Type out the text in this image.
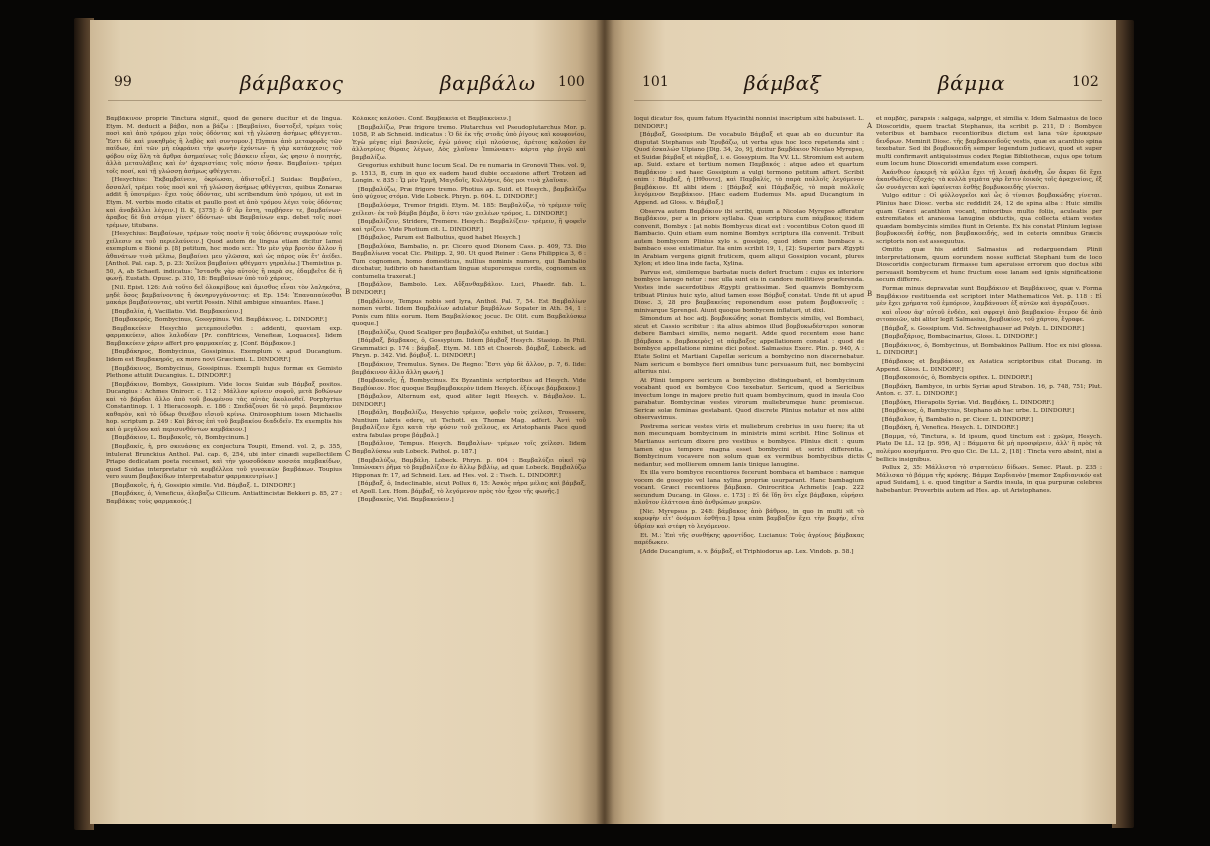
99	βάμβακος	βαμβάλω 100

Βαμβάκινον proprie Tinctura signif., quod de genere ducitur et de lingua. Etym. M. deducit a βάβαι, non a βάζω : [Βαμβαίνει, δυστοξεῖ, τρέμει τοὺς ποσὶ καὶ ἀπὸ τρόμου χέρι τοὺς ὀδόντας καὶ τῇ γλώσσῃ ἀσήμως φθέγγεται. Ἔστι δὲ καὶ μυκηθμὸς ἢ λαβὸς καὶ συντομον.] Elymus ἀπὸ μεταφορᾶς τῶν παίδων, ἐπὶ τῶν μὴ εὐφράνει τὴν φωνὴν ἐχόντων· ἡ γὰρ κατάσχεσις τοῦ φόβου οὐχ ὅλη τὰ ἄρθρα ἀσημαίνως τοῖς βάσκειν εἶναι, ὡς φησιν ὁ ποιητής, ἀλλὰ μεταυλάβεις καὶ ἐν' ἀχαριστίαις τοῖς πόσιν ἦσαν. Βαμβαίνει· τρέμει τοῖς ποσί, καὶ τῇ γλώσσῃ ἀσήμως φθέγγεται.

[Hesychius: Ἐκβαμβαίνειν, ὀκρίωσαι, ἀδιστοξεῖ.] Suidas: Βαμβαίνει, ὄσσαλεῖ, τρέμει τοὺς ποσὶ καὶ τῇ γλώσσῃ ἀσήμως φθέγγεται, quibus Zonaras addit ἢ ὑποτρέμει· ἔχει τοὺς ὀδόντας, ubi scribendum ὑπὸ τρόμου, ut est in Etym. M. verbis modo citatis et paullo post et ἀπὸ τρόμου λέγει τοὺς ὀδόντας καὶ ἀναβάλλει λέγειν.] Il. K, [375]: ὁ δ' ἄρ ἔστη, ταρβήσεν τε, βαμβαίνων· ἀραβος δὲ διὰ στόμα γίνετ' ὀδόντων· ubi Βαμβαίνων exp. debet τοῖς ποσὶ τρέμων, titubans.

[Hesychius: Βαμβαίνων, τρέμων τοὺς ποσὶν ἢ τοὺς ὀδόντας συγκρούων τοῖς χείλεσιν εκ τοῦ περιελαύνειν.] Quod autem de lingua etiam dicitur Iamsi exemplum e Bioné p. [8] petitum, hoc modo scr.: Ἦν μὲν γὰρ βροτὸν ἄλλον ἢ ἀθανάτων τινὰ μέλπω, βαμβαίνει μευ γλῶσσα, καὶ ὡς πάρος οὐκ ἔτ' ἀείδει. [Anthol. Pal. cap. 5, p. 23: Χείλεα βαμβαίνει φθέγματι γηραλέω.] Themistius p. 50, A, ab Schaefl. indicatus: Ἴστασθε γὰρ αὐτοὺς ἢ παρὰ σε, ἐδαμβεῖτε δὲ ἢ φωνῇ. Eustath. Opusc. p. 310, 18: Βαμβαίνων ὑπὸ τοῦ χάρους.

[Nil. Epist. 126: Διὰ τοῦτο δεῖ ὀλοκρίβους καὶ ἄμισθος εἶναι τὸν λαληκότα, μηδὲ ὅσος βαμβαίνοντας ἢ ὀκνηρυγγάνοντας: et Ep. 154: Ἐπαναπαύεσθαι μακάρι βαμβαίνοντας, ubi vertit Possin. Nihil ambigue sinuantes. Hase.]

[Βαμβαλία, ἡ, Vacillatio. Vid. Βαμβακεύειν.]

[Βαμβακερός, Bombycinus, Gossypinus. Vid. Βαμβάκινος. L. DINDORF.]

Βαμβακεύειν Hesychio μετεμποιεῖσθαι : addenti, quoviam exp. φαρμακεύειν, alios λαλοδίαν [Pr. confitrices, Venefieæ, Loquaces]. Iidem Βαμβακεύειν χάριν affert pro φαρμακείας χ. [Conf. Βάμβακον.]

[Βαμβάκηρος, Bombycinus, Gossipinus. Exemplum v. apud Ducangium. Iidem est Βαμβακηρός, ex more novi Græcismi. L. DINDORF.]

[Βαμβάκινος, Bombycinus, Gossipinus. Exempli hujus formæ ex Gemisto Plethone attulit Ducangius. L. DINDORF.]

[Βαμβάκιον, Bombyx, Gossipium. Vide locos Suidæ sub Βάμβαξ positos. Ducangius : Achmes Onirocr. c. 112 : Μάλλον κρίνειν σοφοῦ, μετὰ βοθώνων καὶ τὸ βάρδαι ἄλλο ἀπὸ τοῦ βοωμένου τὰς αὐτὰς ἀκολουθεῖ. Porphyrius Constantinop. l. 1 Hieracosoph. c. 186 : Σπεδάζουσι δὲ τὸ μερό. βαμπάκιον καθαρὸν, καὶ τὸ ὕδωρ θενέβου εἴσιοῦ κρίνω. Onirosophium issen Michaelis hop. scriptum p. 249 : Καὶ βάτος ἐπὶ τοῦ βαμβακίου διαδιδεῖν. Ex exemplis his καὶ ὁ μεγάλου καὶ περισυνθόντων καμβάκιον.]

[Βαμβάκιον, L. Βαμβακοῖς, τὸ, Bombycinum.]

[Βαμβακίς, ἡ, pro σκευάσας ex conjectura Toupii, Emend. vol. 2, p. 355, intulerat Brunckius Anthol. Pal. cap. 6, 254, ubi inter cinædi supellectilem Priapo dedicatam poeta recenset, καὶ τὴν γρυσοδόκαν κοσσέα παμβακίδων, quod Suidas interpretatur τὰ κομβέλλεα τοῦ γυναικῶν βαμβάκων. Toupius vero suum βαμβακίδων interpretabatur φαρμακευτρίων.]

[Βαμβακοῖς, ἡ, ἡ, Gossipio simile. Vid. Βάμβαξ. L. DINDORF.]

[Βαμβάκες, ὁ, Veneficus, ἀλαβαζω Cilicum. Antiattincistæ Bekkeri p. 85, 27 : Βαμβάκας τοὺς φαρμακούς.]

B
C

Κόλακες καλοῦσι. Conf. Βαμβακεία et Βαμβακεύειν.]

[Βαμβαλίζω, Præ frigore tremo. Plutarchus vel Pseudoplutarchus Mor. p. 1058, P. ab Schneid. indicatus : Ὁ δὲ ἐκ τῆς στοᾶς ὑπὸ ῥίγους καὶ κουφονίου, Ἐγὼ μέγας εἰμὶ βασιλεύς, ἐγὼ μόνος εἰμὶ πλούσιος, ἀρέτοις καλούσι ἐν ἀλλοτρίοις θύραις λέγων, Δὸς χλαῖναν Ἰππώνακτι· κάρτα γὰρ ῥιγῶ καὶ βαμβαλίζω.

Gregorius exhibuit hunc locum Scal. De re numaria in Gronovii Thes. vol. 9, p. 1513, B, cum in quo ex eadem haud dubie occasione affert Trotzen ad Longin. v. 835 : ᾯ μὲν Ἑρμῆ, Μαγιδοῖς, Κυλλήνιε, δὸς μοι τινὰ χλαῖναν.

[Βαμβαλύζω, Præ frigore tremo. Photius ap. Suid. et Hesych., βαμβαλίζω ὑπὸ ψύχους στόμα. Vide Lobeck. Phryn. p. 604. L. DINDORF.]

[Βαμβαλύσμα, Tremor frigidi. Etym. M. 185: Βαμβαλύζω, τὸ τρέμειν τοῖς χείλεσι· ἐκ τοῦ βάμβα βάμβα, ὅ ἐστι τῶν χειλέων τρόμος, L. DINDORF.]

[Βαμβαλίζειν, Stridere, Tremere. Hesych.: Βαμβαλίζειν· τρέμειν, ἢ ψοφεῖν καὶ τρίζειν. Vide Photium cit. L. DINDORF.]

[Βάμβαλος, Parum est Balbutius, quod habet Hesych.]

[Βαμβαλύκα, Bambalio, n. pr. Cicero quod Dionem Cass. p. 409, 73. Dio Βαμβαλίωνα vocat Cic. Philipp. 2, 90. Ut quod Reiner : Gens Philippica 3, 6 : Tum cognomen, homo domesticus, nullius nominis numero, qui Bambalio dicebatur, ludibrio ob hæsitantiam linguæ stuporemque cordis, cognomen ex contumelia traxerat.]

[Βαμβάλον, Bambolo. Lex. Αὔξανθαμβάλον. Luci, Phaedr. fab. L. DINDORF.]

[Βαμβάλιον, Tempus nobis sed lyra, Anthol. Pal. 7, 54. Est Βαμβαλίων nomen verbi. Iidem Βαμβαλίων adulatur βαμβάλων Sopater in Ath. 54, 1 : Ponis cum filiis eorum. Item Βαμβαλίσκος jocuc. Dc Olit. cum Βαμβαλύσκω quoque.]

[Βαμβαλύζω, Quod Scaliger pro βαμβαλύζω exhibet, ut Suidæ.]

[Βάμβαξ, βάμβακος, ὁ, Gossypium. Iidem βάμβαξ Hesych. Stasiop. In Phil. Grammatici p. 174 : βάμβαξ. Etym. M. 185 et Choerob. βάμβαξ, Lobeck. ad Phryn. p. 342. Vid. βόμβυξ. L. DINDORF.]

[Βαμβάκιον, Tremulus. Synes. De Regno: Ἔστι γὰρ δὲ ἄλλον, p. 7, 6. Iide: βαμβάκινον ἄλλο ἄλλη φωνή.]

[Βαμβακοεῖς, ᾗ, Bombycinus. Ex Byzantinis scriptoribus ad Hesych. Vide Βαμβύκιον. Hoc quoque Βαμβαμβακερὸν iidem Hesych. ἐξέκυψε βάμβακον.]

[Βάμβαλον, Alternum est, quod aliter legit Hesych. v. Βάμβαλον. L. DINDORF.]

[Βαμβάλη, Βαμβαλίζω, Hesychio τρέμειν, φοβεῖν τοὺς χείλεσι, Trossere, Nuntium labris edere, ut Tschott. ex Thomæ Mag. adfert. Ἀντὶ τοῦ βαμβαλίζειν ἔχει κατὰ τὴν φύσιν τοῦ χείλους, ex Aristophanis Pace quod extra fabulas prope βάμβαλ.]

[Βαμβάλιον, Tempus. Hesych. Βαμβαλίων· τρέμων τοῖς χείλεσι. Iidem Βαμβαλύσκω sub Lobeck. Pathol. p. 187.]

[Βαμβαλύζω, Βαμβάλη. Lobeck. Phryn. p. 604 : Βαμβαλύζει οἰκεῖ τῷ Ἱππώνακτι ῥῆμα τὸ βαμβαλίζειν ἐν ἄλλῳ βιβλίῳ, ad quæ Lobeck. Βαμβαλύζω Hipponax fr. 17, ad Schneid. Lex. ad Hes. vol. 2 : Tisch. L. DINDORF.]

[Βάμβαξ, ὁ, Indeclinable, sicut Pollux 6, 15: Ἀσκὸς πὴρα μέλας καὶ βάμβαξ, et Apoll. Lex. Hom. βάμβαξ, τὸ λεγόμενον πρὸς τὸν ἦχον τῆς φωνῆς.]

[Βαμβακεὺς, Vid. Βαμβακεύειν.]

101	βάμβαξ	βάμμα	102

loqui dicatur fos, quum fatum Hyacinthi nonnisi inscriptum sibi habuisset. L. DINDORF.]

[Βάμβαξ, Gossipium. De vocabulo Βάμβαξ et quæ ab eo ducuntur ita disputat Stephanus sub Ἐρυβάζω, ut verba ejus hoc loco repetenda sint : Quod ἐσκαλώσ Ulpiano [Dig. 34, 2o, 9], dicitur βαμβάκιον Nicolao Myrepso, et Suidæ βάμβαξ et πάμβαξ, i. e. Gossypium. Ita VV. LL. Stromium est autem ap. Suid. extare et tertium nomen Παμβακός : atque adeo et quartum Βαμβάκιον : sed haec Gossipium a vulgi termono petitum affert. Scribit enim : Βάμβαξ, ἡ [Ηθουτε], καὶ Παμβαλίς, τὸ παρὰ πολλοῖς λεγόμενον βαμβάκιον. Et alibi idem : [Βάμβαξ καὶ Πάμβαξός, τὸ παρὰ πολλοῖς λεγόμενον Βαμβάκιον. [Hæc eadem Eudemus Ms. apud Ducangium in Append. ad Gloss. v. Βάμβαξ.]

Observa autem Βαμβάκιον ibi scribi, quum a Nicolao Myrepso afferatur Βαμβάκιον, per a in priore syllaba. Quæ scriptura cum πάμβακος itidem convenit, Bombyx : [at nobis Bombycus dicat est : vocentibus Coton quod ill Bambacio. Quin etiam eum nomine Bombyx scriptura illa convenit. Tribuit autem bombycem Plinius xylo s. gossipio, quod idem cum bombace s. bambaco esse existimatur. Ita enim scribit 19, 1, [2]: Superior pars Ægypti in Arabiam vergens gignit fruticem, quem aliqui Gossipion vocant, plures Xylon; et ideo lina inde facta, Xylina.

Parvus est, similemque barbatæ nucis defert fructum : cujus ex interiore bombyce lanugo netur : nec ulla sunt eis in candore mollitieve præferenda. Vestes inde sacerdotibus Ægypti gratissimæ. Sed quamvis Bombycem tribuat Plinius huic xylo, aliud tamen esse Βόμβυξ constat. Unde fit ut apud Diosc. 3, 28 pro βαμβακείας reponendum esse putem βομβυκινοῖς : minivarque Sprengel. Aiunt quoque bombycem inflaturi, ut dixi.

Simondum at hoc adj. βομβυκώδης sonat Bombycis similis, vel Bombaci, sicut et Cassio scribitur : ita alius abimos illud βομβυκωδέστεροι sonoræ debere Bambaci similis, nemo negarit. Adde quod recentem esse hanc [βάμβακα s. βαμβακερὸς] et πάμβαξος appellationem constat : quod de bombyce appellatione nimine dici potest. Salmasius Exerc. Plin. p. 940, A : Etate Solini et Martiani Capellæ sericum a bombycino non discernebatur. Nam sericum e bombyce fieri omnibus tunc persuasum fuit, nec bombycini alterius nisi.

At Plinii tempore sericum a bombycino distinguebant, et bombycinum vocabant quod ex bombyce Coo texebatur. Sericum, quod a Sericibus invectum longe in majore pretio fuit quam bombycinum, quod in insula Coo parabatur. Bombycinæ vestes virorum muliebrumque hunc promiscue. Sericæ solæ feminas gestabant. Quod discrete Plinius notatur et nos alibi observavimus.

Postrema sericæ vestes viris et muliebrum crebrius in usu fuere; ita ut non mecunquam bombycinum in ministris mimi scribit. Hinc Solinus et Martianus sericum dixere pro vestibus e bombyce. Plinius dicit : quum tamen ejus tempore magna esset bombycini et serici differentia. Bombycinum vocavere non solum quæ ex vermibus bombycibus dictis nedantur, sed mollierem omnem lanis tinique lanugine.

Ex illa vero bombyce recentiores fecerunt bombaca et bambace : namque vocem de gossypio vel lana xylina propriæ usurparant. Hanc bambagium vocant. Græci recentiores βάμβακα. Onirocritica Achmetis [cap. 222 secundum Ducang. in Gloss. c. 173] : Εἰ δὲ ἴδῃ ὅτι εἶχε βάμβακα, εὑρήσει πλοῦτον ἐλάττονα ἀπὸ ἀνθρώπων μικρῶν.

[Nic. Myrepsus p. 248: βάμβακος ἀπὸ βάθρου, in quo in multi sit τὸ κορυφὴν εἶτ' ὀνόμασι ἐσθῆτα.] Ipsa enim βαμβαξὸν ἔχει τὴν βαφήν, εἴτα ὑδρίαν καὶ στέφη τὸ λεγόμενον.

Et. M.: Ἐπὶ τῆς συνθήκης φροντίδος. Lucianus: Τοὺς ἀγρίους βάμβακας παρέδωκεν.

[Adde Ducangium, s. v. βάμβαξ, et Triphiodorus ap. Lex. Vindob. p. 58.]

A
B
C

et παμβάς, parapsis : salgaga, salpηge, et similia v. Idem Salmasius de loco Dioscoridis, quem tractat Stephanus, ita scribit p. 211, D : Bombyce veteribus et bambace recentioribus dictum est lana τῶν ἐρυκερων δενδρων. Meminit Diosc. τῆς βαμβακοειδοῦς vestis, quæ ex acanthio spina texebatur. Sed ibi βομβυκοειδὴ semper legendum judicavi, quod et super multi confirmavit antiquissimus codex Regiæ Bibliothecæ, cujus ope totum eum locum hunc Dioscoridi emendatum esse comperi.

Ἀκάνθιον ἐρκεριῆ τὰ φύλλα ἔχει τῇ λευκῇ ἀκάνθῃ, ὧν ἄκραι δὲ ἔχει ἀκανθώδεις ἐξοχάς· τὰ κυλλὰ γεμάτα γὰρ ἔστιν ἐοικός τοῖς ἀραχνείοις, ἐξ ὧν συνάγεται καὶ ὑφαίνεται ἐσθὴς βομβυκοειδὴς γίνεται.

Vulgo editur : Οἱ φύλλογρεῖοι καὶ ὧς ὁ τίναισι βομβακώδης γίνεται. Plinius hæc Diosc. verba sic reddidit 24, 12 de spina alba : Huic similis quam Græci acanthion vocant, minoribus multo foliis, aculeatis per extremitates et araneosa lanugine obductis, qua collecta etiam vestes quædam bombycinis similes fiunt in Oriente. Ex his constat Plinium legisse βομβυκοειδὴ ἐσθής, non βαμβακοειδής, sed in ceteris omnibus Græcis scriptoris non est assequutus.

Omitto quæ his addit Salmasius ad redarguendam Plinii interpretationem, quum eorundem nosse sufficiat Stephani tum de loco Dioscoridis conjecturam firmasse tum aperuisse errorem quo doctus sibi persuasit bombycem et hunc fructum esse lanam sed ignis significatione secum differre.

Formæ minus depravatæ sunt Βαμβάκιον et Βαμβάκινος, quæ v. Forma Βαμβάκιον restituenda est scriptori inter Mathematicos Vet. p. 118 : Εἰ μὲν ἔχει χρήματα τοῦ ἐμπόριον, λαμβάνουσι ἐξ αὐτῶν καὶ ἀγοράζουσι.

καὶ οἶνον ἀφ' αὐτοῦ ἐνδέει, καὶ σφραγὶ ἀπὸ βαμβακίου· ἔτερον δὲ ἀπὸ σιτοποιῶν, ubi aliter legit Salmasius, βομβυκίον, τοῦ χάρτου, ἔγραφε.

[Βάμβαξ, s. Gossipium. Vid. Schweighauser ad Polyb. L. DINDORF.]

[Βαμβαξάριος, Bombacinarius, Gloss. L. DINDORF.]

[Βαμβάκινος, ὁ, Bombycinus, ut Bombakinos Pallium. Hoc ex nisi glossa. L. DINDORF.]

[Βάμβακος et βαμβάκιον, ex Asiatica scriptoribus citat Ducang. in Append. Gloss. L. DINDORF.]

[Βαμβακοποιός, ὁ, Bombycis opifex. L. DINDORF.]

[Βαμβάκη, Bambyce, in urbis Syriæ apud Strabon. 16, p. 748, 751; Plut. Anton. c. 37. L. DINDORF.]

[Βαμβύκη, Hierapolis Syriæ. Vid. Βαμβάκη. L. DINDORF.]

[Βαμβύκιος, ὁ, Bambycius, Stephano ab hac urbe. L. DINDORF.]

[Βάμβαλον, ἡ, Bambalio n. pr. Cicer. L. DINDORF.]

[Βαμβάκη, ἡ, Venefica. Hesych. L. DINDORF.]

[Βαμμα, τό, Tinctura, s. Id ipsum, quod tinctum est : χρῶμα, Hesych. Plato De LL. 12 [p. 956, A] : Βάμματα δὲ μὴ προσφέρειν, ἀλλ' ἢ πρὸς τὰ πολέμου κοσμήματα. Pro quo Cic. De LL. 2, [18] : Tincta vero absint, nisi a bellicis insignibus.

Pollux 2, 35: Μάλλιστα τὸ στρατεύειν δίδωσι. Senec. Plaut. p. 235 : Μάλισκα τὸ βάμμα τῆς κρόκης. Βάμμα Σαρδιανὸν [memor Σαρδιανικόν est apud Suidam], i. e. quod tingitur a Sardis insula, in qua purpuræ celebres habebantur. Proverbiis autem ad Hes. ap. ut Aristophanes.
